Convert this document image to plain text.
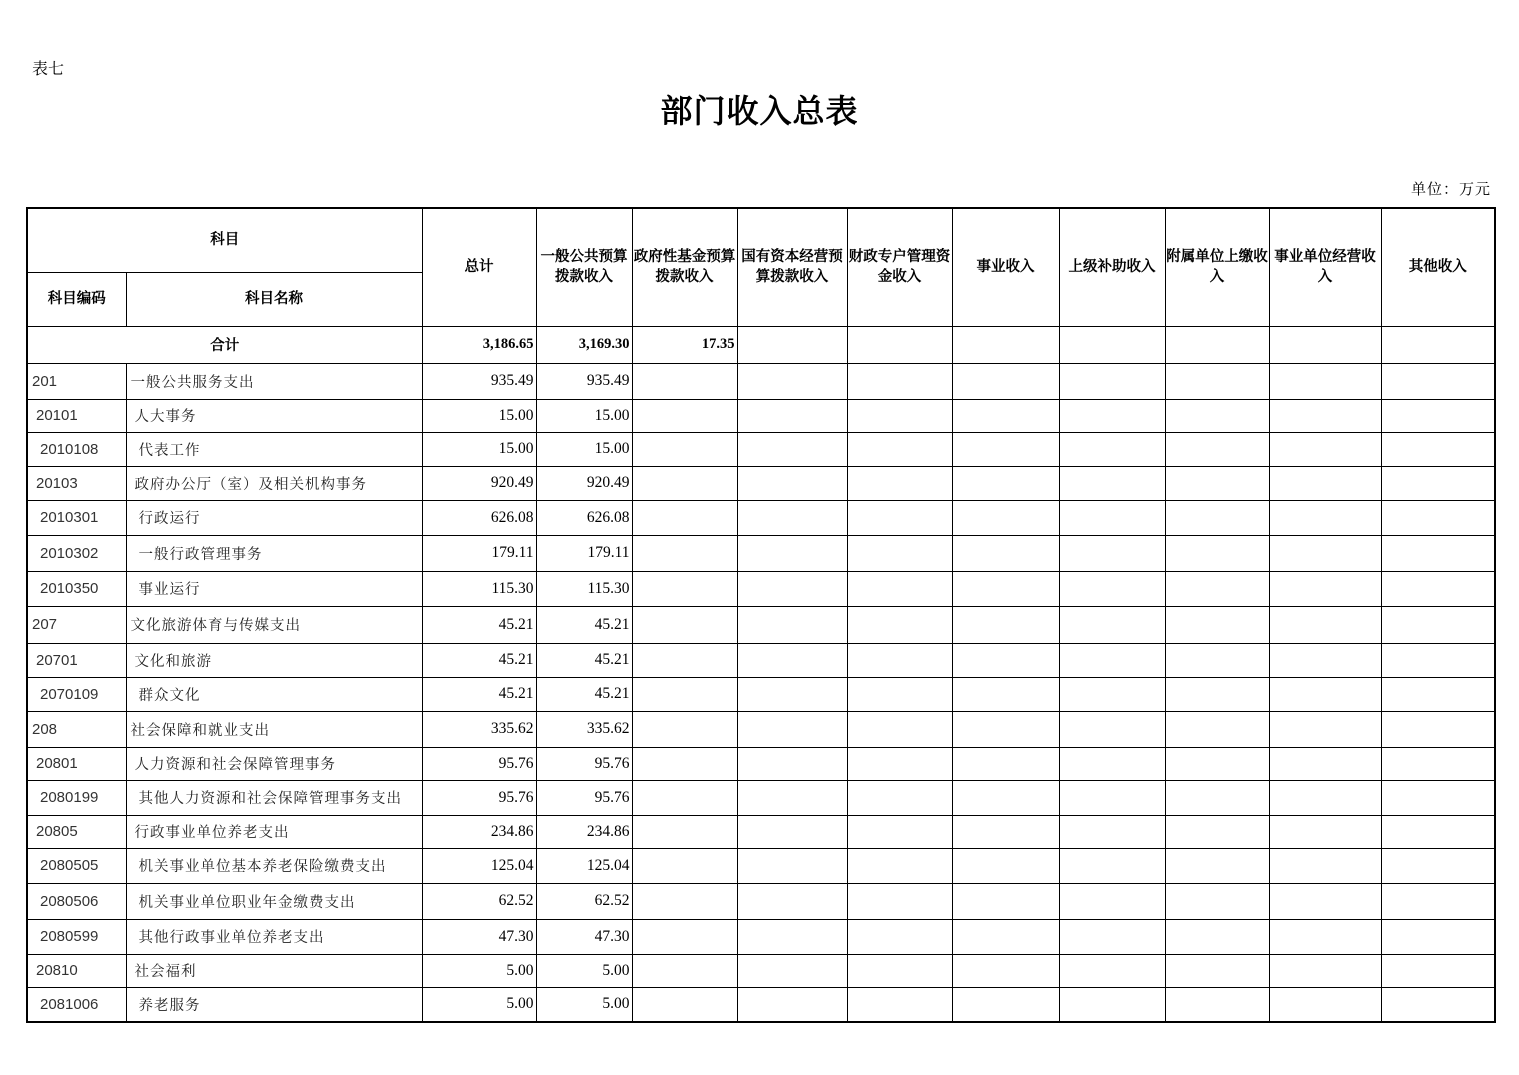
表七
部门收入总表
单位：万元
科目		总计	一般公共预算拨款收入	政府性基金预算拨款收入	国有资本经营预算拨款收入	财政专户管理资金收入	事业收入	上级补助收入	附属单位上缴收入	事业单位经营收入	其他收入
科目编码	科目名称										
合计		3,186.65	3,169.30	17.35							
201	一般公共服务支出	935.49	935.49								
20101	人大事务	15.00	15.00								
2010108	代表工作	15.00	15.00								
20103	政府办公厅（室）及相关机构事务	920.49	920.49								
2010301	行政运行	626.08	626.08								
2010302	一般行政管理事务	179.11	179.11								
2010350	事业运行	115.30	115.30								
207	文化旅游体育与传媒支出	45.21	45.21								
20701	文化和旅游	45.21	45.21								
2070109	群众文化	45.21	45.21								
208	社会保障和就业支出	335.62	335.62								
20801	人力资源和社会保障管理事务	95.76	95.76								
2080199	其他人力资源和社会保障管理事务支出	95.76	95.76								
20805	行政事业单位养老支出	234.86	234.86								
2080505	机关事业单位基本养老保险缴费支出	125.04	125.04								
2080506	机关事业单位职业年金缴费支出	62.52	62.52								
2080599	其他行政事业单位养老支出	47.30	47.30								
20810	社会福利	5.00	5.00								
2081006	养老服务	5.00	5.00								
